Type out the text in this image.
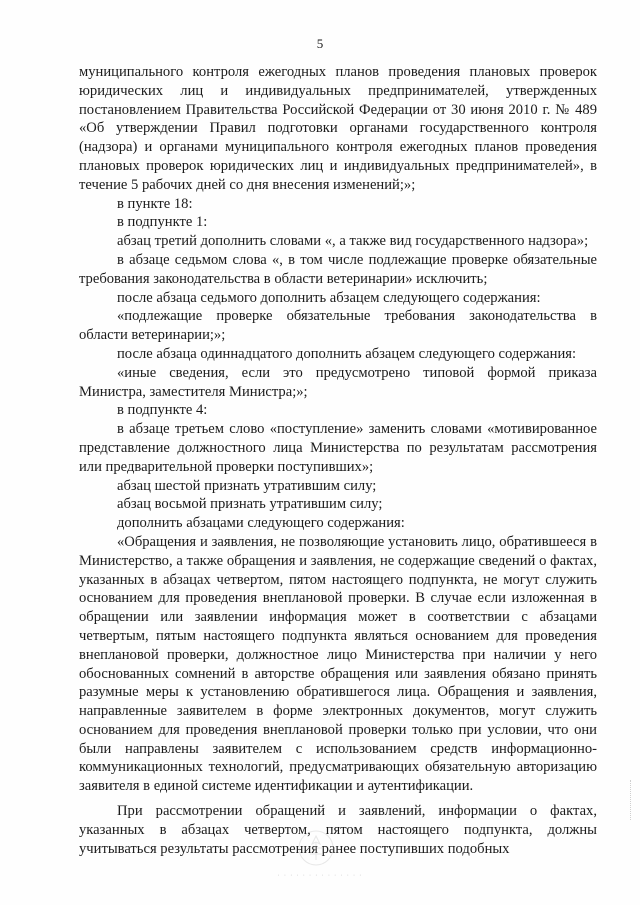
5

муниципального контроля ежегодных планов проведения плановых проверок юридических лиц и индивидуальных предпринимателей, утвержденных постановлением Правительства Российской Федерации от 30 июня 2010 г. № 489 «Об утверждении Правил подготовки органами государственного контроля (надзора) и органами муниципального контроля ежегодных планов проведения плановых проверок юридических лиц и индивидуальных предпринимателей», в течение 5 рабочих дней со дня внесения изменений;»;

в пункте 18:

в подпункте 1:

абзац третий дополнить словами «, а также вид государственного надзора»;

в абзаце седьмом слова «, в том числе подлежащие проверке обязательные требования законодательства в области ветеринарии» исключить;

после абзаца седьмого дополнить абзацем следующего содержания:

«подлежащие проверке обязательные требования законодательства в области ветеринарии;»;

после абзаца одиннадцатого дополнить абзацем следующего содержания:

«иные сведения, если это предусмотрено типовой формой приказа Министра, заместителя Министра;»;

в подпункте 4:

в абзаце третьем слово «поступление» заменить словами «мотивированное представление должностного лица Министерства по результатам рассмотрения или предварительной проверки поступивших»;

абзац шестой признать утратившим силу;

абзац восьмой признать утратившим силу;

дополнить абзацами следующего содержания:

«Обращения и заявления, не позволяющие установить лицо, обратившееся в Министерство, а также обращения и заявления, не содержащие сведений о фактах, указанных в абзацах четвертом, пятом настоящего подпункта, не могут служить основанием для проведения внеплановой проверки. В случае если изложенная в обращении или заявлении информация может в соответствии с абзацами четвертым, пятым настоящего подпункта являться основанием для проведения внеплановой проверки, должностное лицо Министерства при наличии у него обоснованных сомнений в авторстве обращения или заявления обязано принять разумные меры к установлению обратившегося лица. Обращения и заявления, направленные заявителем в форме электронных документов, могут служить основанием для проведения внеплановой проверки только при условии, что они были направлены заявителем с использованием средств информационно-коммуникационных технологий, предусматривающих обязательную авторизацию заявителя в единой системе идентификации и аутентификации.

При рассмотрении обращений и заявлений, информации о фактах, указанных в абзацах четвертом, пятом настоящего подпункта, должны учитываться результаты рассмотрения ранее поступивших подобных

· · · · · · · · · · · · · ·
